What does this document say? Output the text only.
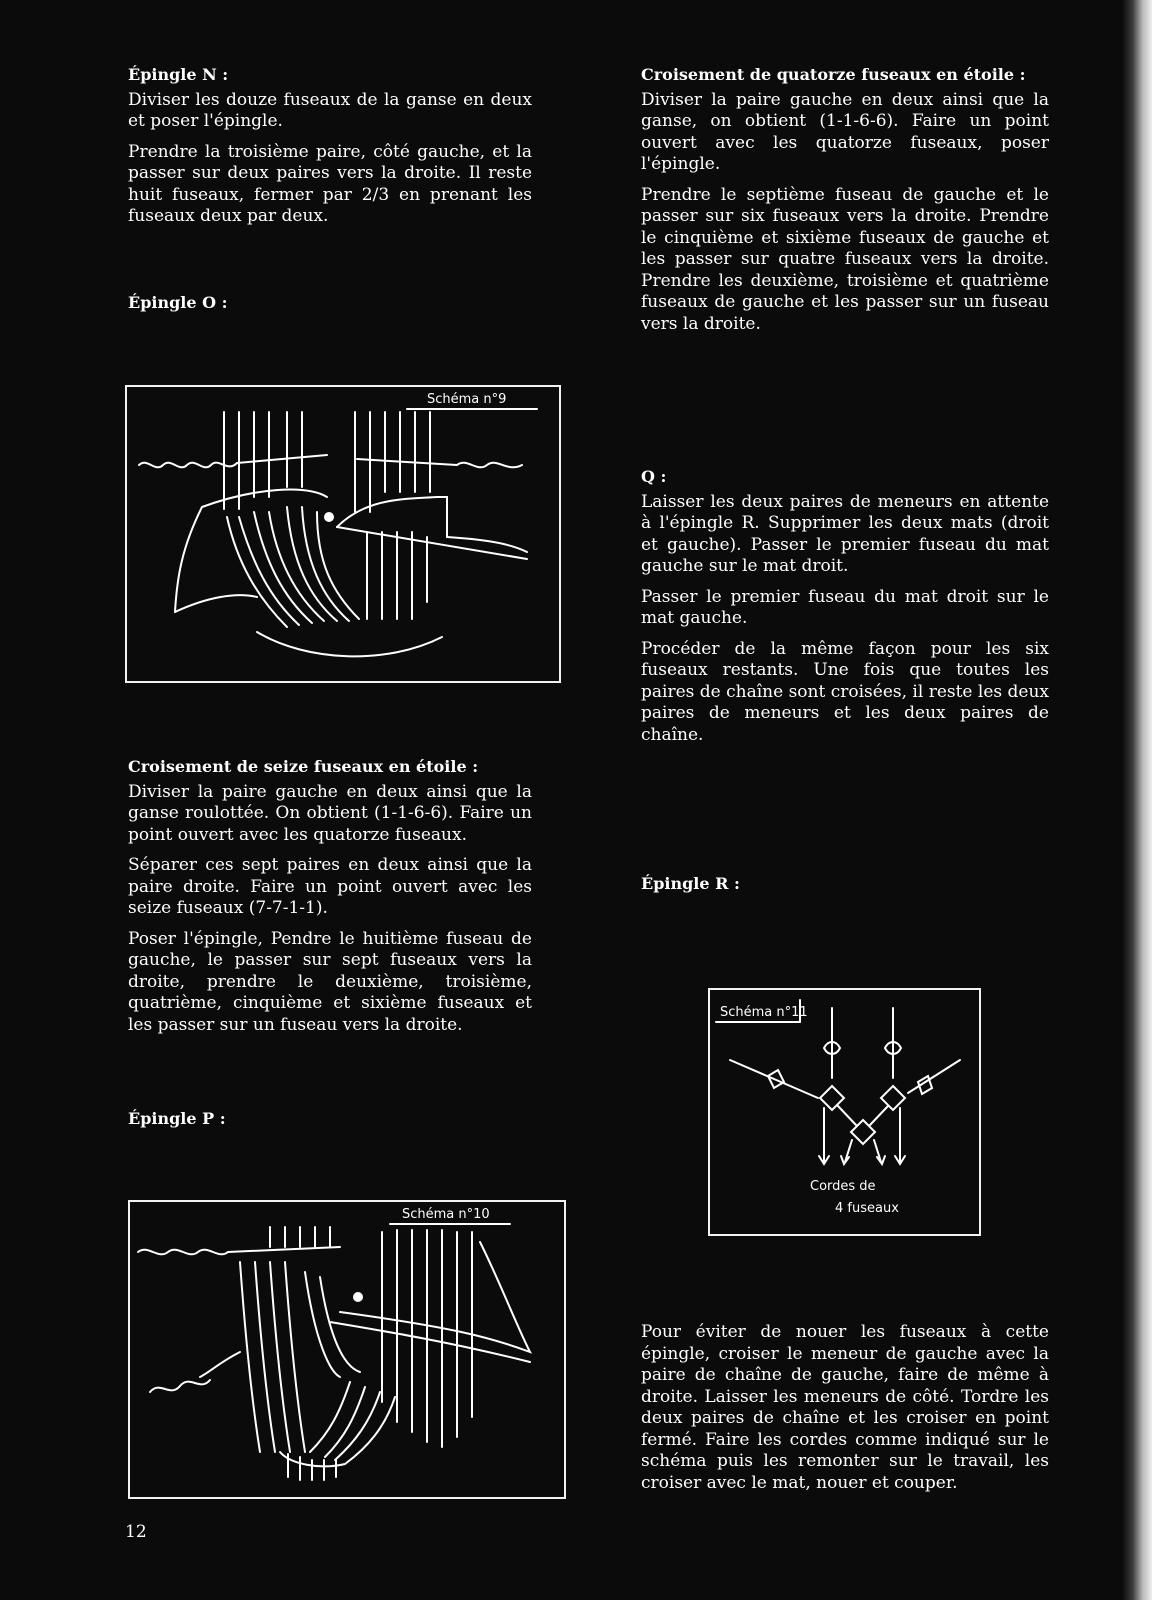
Épingle N :

Diviser les douze fuseaux de la ganse en deux et poser l'épingle.

Prendre la troisième paire, côté gauche, et la passer sur deux paires vers la droite. Il reste huit fuseaux, fermer par 2/3 en prenant les fuseaux deux par deux.

Épingle O :
Schéma n°9
Croisement de seize fuseaux en étoile :

Diviser la paire gauche en deux ainsi que la ganse roulottée. On obtient (1-1-6-6). Faire un point ouvert avec les quatorze fuseaux.

Séparer ces sept paires en deux ainsi que la paire droite. Faire un point ouvert avec les seize fuseaux (7-7-1-1).

Poser l'épingle, Pendre le huitième fuseau de gauche, le passer sur sept fuseaux vers la droite, prendre le deuxième, troisième, quatrième, cinquième et sixième fuseaux et les passer sur un fuseau vers la droite.

Épingle P :
Schéma n°10
12
Croisement de quatorze fuseaux en étoile :

Diviser la paire gauche en deux ainsi que la ganse, on obtient (1-1-6-6). Faire un point ouvert avec les quatorze fuseaux, poser l'épingle.

Prendre le septième fuseau de gauche et le passer sur six fuseaux vers la droite. Prendre le cinquième et sixième fuseaux de gauche et les passer sur quatre fuseaux vers la droite. Prendre les deuxième, troisième et quatrième fuseaux de gauche et les passer sur un fuseau vers la droite.

Q :

Laisser les deux paires de meneurs en attente à l'épingle R. Supprimer les deux mats (droit et gauche). Passer le premier fuseau du mat gauche sur le mat droit.

Passer le premier fuseau du mat droit sur le mat gauche.

Procéder de la même façon pour les six fuseaux restants. Une fois que toutes les paires de chaîne sont croisées, il reste les deux paires de meneurs et les deux paires de chaîne.

Épingle R :
Schéma n°11
Cordes de
4 fuseaux

Pour éviter de nouer les fuseaux à cette épingle, croiser le meneur de gauche avec la paire de chaîne de gauche, faire de même à droite. Laisser les meneurs de côté. Tordre les deux paires de chaîne et les croiser en point fermé. Faire les cordes comme indiqué sur le schéma puis les remonter sur le travail, les croiser avec le mat, nouer et couper.
